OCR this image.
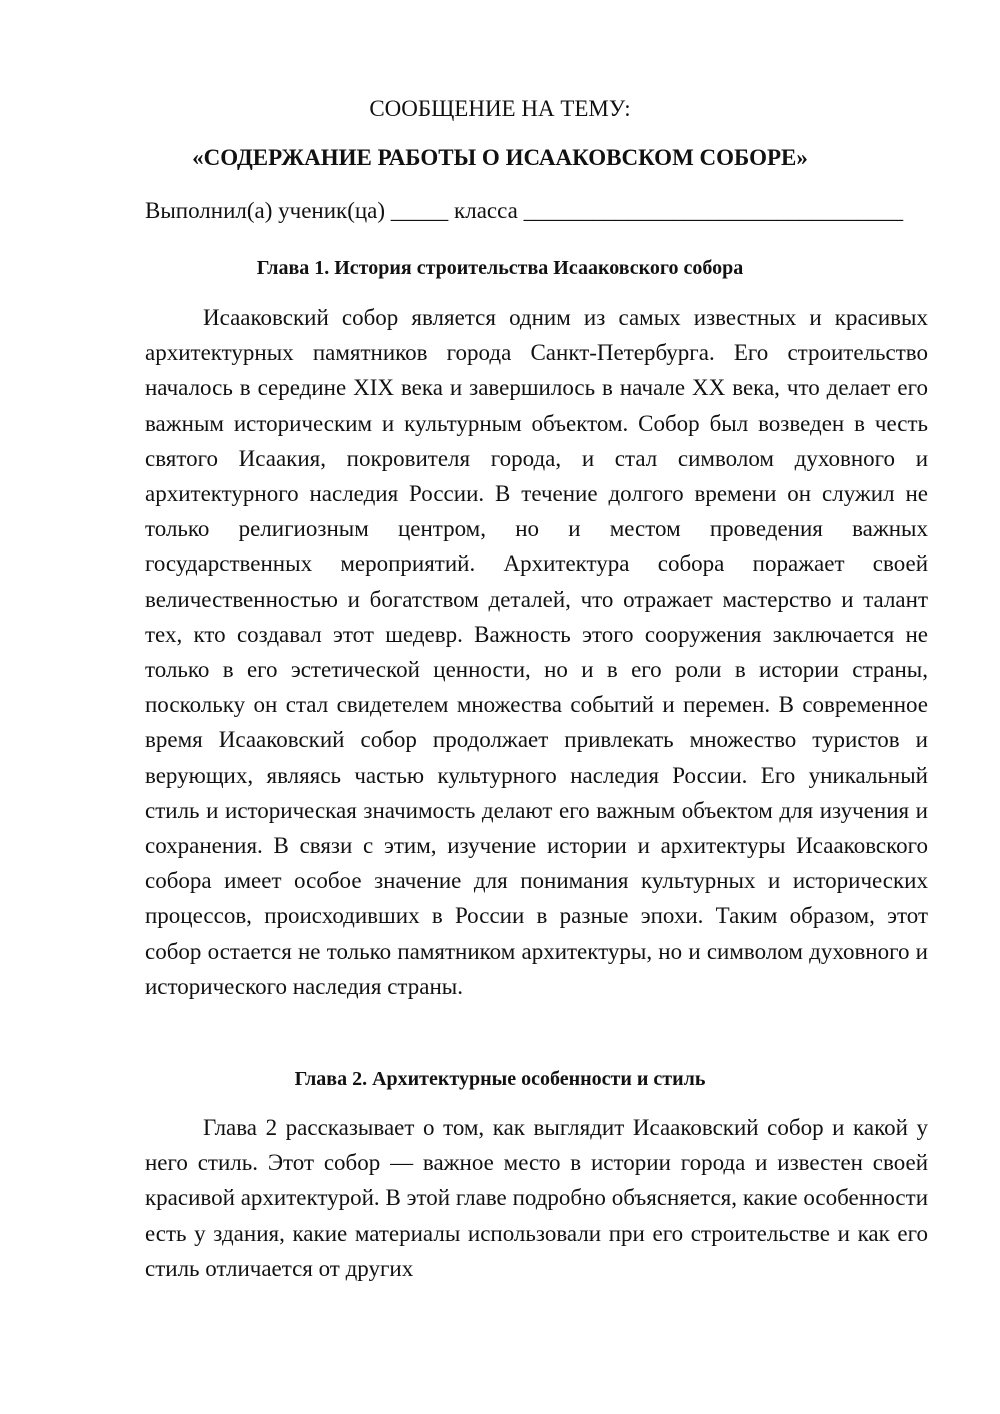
СООБЩЕНИЕ НА ТЕМУ:
«СОДЕРЖАНИЕ РАБОТЫ О ИСААКОВСКОМ СОБОРЕ»
Выполнил(а) ученик(ца) _____ класса _________________________________
Глава 1. История строительства Исааковского собора

Исааковский собор является одним из самых известных и красивых архитектурных памятников города Санкт-Петербурга. Его строительство началось в середине XIX века и завершилось в начале XX века, что делает его важным историческим и культурным объектом. Собор был возведен в честь святого Исаакия, покровителя города, и стал символом духовного и архитектурного наследия России. В течение долгого времени он служил не только религиозным центром, но и местом проведения важных государственных мероприятий. Архитектура собора поражает своей величественностью и богатством деталей, что отражает мастерство и талант тех, кто создавал этот шедевр. Важность этого сооружения заключается не только в его эстетической ценности, но и в его роли в истории страны, поскольку он стал свидетелем множества событий и перемен. В современное время Исааковский собор продолжает привлекать множество туристов и верующих, являясь частью культурного наследия России. Его уникальный стиль и историческая значимость делают его важным объектом для изучения и сохранения. В связи с этим, изучение истории и архитектуры Исааковского собора имеет особое значение для понимания культурных и исторических процессов, происходивших в России в разные эпохи. Таким образом, этот собор остается не только памятником архитектуры, но и символом духовного и исторического наследия страны.

Глава 2. Архитектурные особенности и стиль

Глава 2 рассказывает о том, как выглядит Исааковский собор и какой у него стиль. Этот собор — важное место в истории города и известен своей красивой архитектурой. В этой главе подробно объясняется, какие особенности есть у здания, какие материалы использовали при его строительстве и как его стиль отличается от других
